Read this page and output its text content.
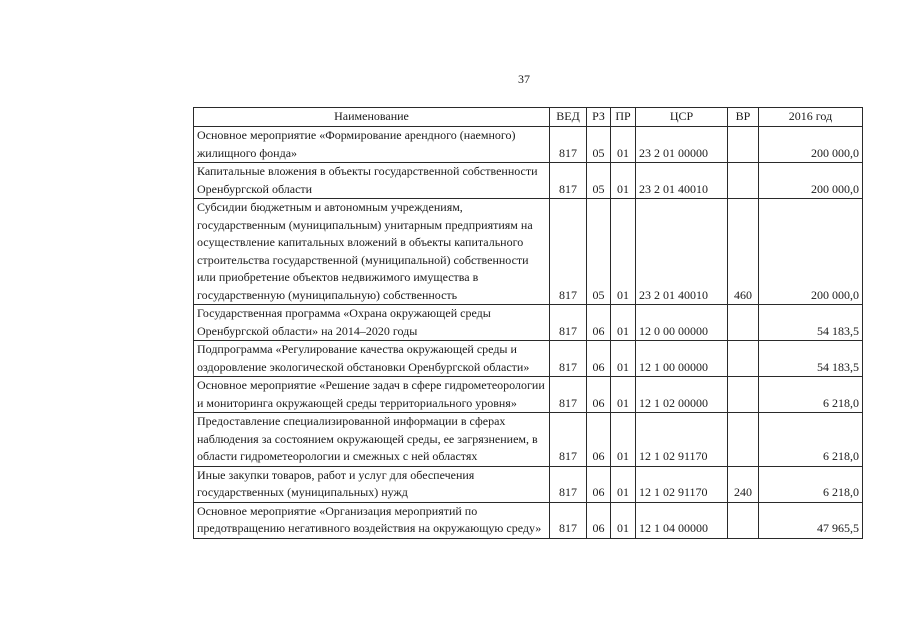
37
Наименование	ВЕД	РЗ	ПР	ЦСР	ВР	2016 год
Основное мероприятие «Формирование арендного (наемного) жилищного фонда»	817	05	01	23 2 01 00000		200 000,0
Капитальные вложения в объекты государственной собственности Оренбургской области	817	05	01	23 2 01 40010		200 000,0
Субсидии бюджетным и автономным учреждениям, государственным (муниципальным) унитарным предприятиям на осуществление капитальных вложений в объекты капитального строительства государственной (муниципальной) собственности или приобретение объектов недвижимого имущества в государственную (муниципальную) собственность	817	05	01	23 2 01 40010	460	200 000,0
Государственная программа «Охрана окружающей среды Оренбургской области» на 2014–2020 годы	817	06	01	12 0 00 00000		54 183,5
Подпрограмма «Регулирование качества окружающей среды и оздоровление экологической обстановки Оренбургской области»	817	06	01	12 1 00 00000		54 183,5
Основное мероприятие «Решение задач в сфере гидрометеорологии и мониторинга окружающей среды территориального уровня»	817	06	01	12 1 02 00000		6 218,0
Предоставление специализированной информации в сферах наблюдения за состоянием окружающей среды, ее загрязнением, в области гидрометеорологии и смежных с ней областях	817	06	01	12 1 02 91170		6 218,0
Иные закупки товаров, работ и услуг для обеспечения государственных (муниципальных) нужд	817	06	01	12 1 02 91170	240	6 218,0
Основное мероприятие «Организация мероприятий по предотвращению негативного воздействия на окружающую среду»	817	06	01	12 1 04 00000		47 965,5
